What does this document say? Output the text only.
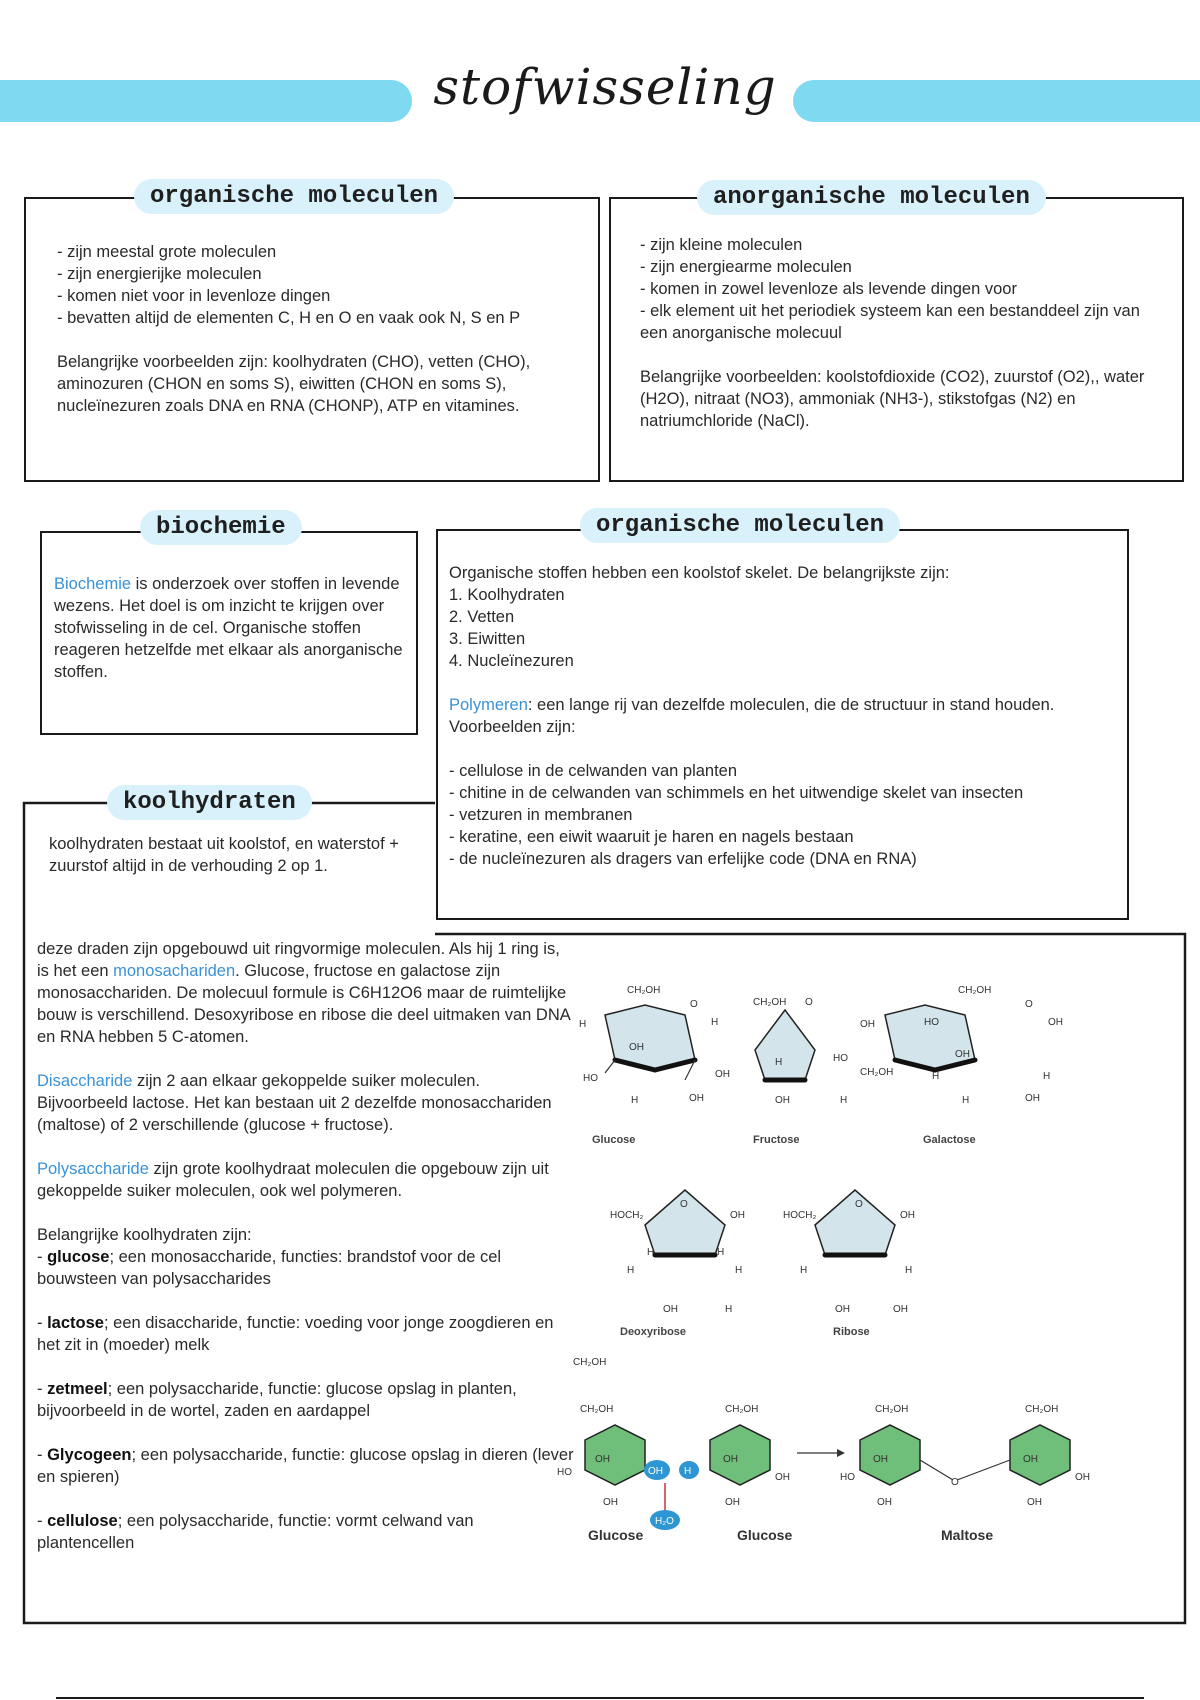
stofwisseling
organische moleculen

- zijn meestal grote moleculen

- zijn energierijke moleculen

- komen niet voor in levenloze dingen

- bevatten altijd de elementen C, H en O en vaak ook N, S en P

Belangrijke voorbeelden zijn: koolhydraten (CHO), vetten (CHO), aminozuren (CHON en soms S), eiwitten (CHON en soms S), nucleïnezuren zoals DNA en RNA (CHONP), ATP en vitamines.

anorganische moleculen

- zijn kleine moleculen

- zijn energiearme moleculen

- komen in zowel levenloze als levende dingen voor

- elk element uit het periodiek systeem kan een bestanddeel zijn van een anorganische molecuul

Belangrijke voorbeelden: koolstofdioxide (CO2), zuurstof (O2),, water (H2O), nitraat (NO3), ammoniak (NH3-), stikstofgas (N2) en natriumchloride (NaCl).

biochemie

Biochemie is onderzoek over stoffen in levende wezens. Het doel is om inzicht te krijgen over stofwisseling in de cel. Organische stoffen reageren hetzelfde met elkaar als anorganische stoffen.

organische moleculen

Organische stoffen hebben een koolstof skelet. De belangrijkste zijn:

1. Koolhydraten

2. Vetten

3. Eiwitten

4. Nucleïnezuren

Polymeren: een lange rij van dezelfde moleculen, die de structuur in stand houden. Voorbeelden zijn:

- cellulose in de celwanden van planten

- chitine in de celwanden van schimmels en het uitwendige skelet van insecten

- vetzuren in membranen

- keratine, een eiwit waaruit je haren en nagels bestaan

- de nucleïnezuren als dragers van erfelijke code (DNA en RNA)

koolhydraten
koolhydraten bestaat uit koolstof, en waterstof + zuurstof altijd in de verhouding 2 op 1.

deze draden zijn opgebouwd uit ringvormige moleculen. Als hij 1 ring is, is het een monosachariden. Glucose, fructose en galactose zijn monosacchariden. De molecuul formule is C6H12O6 maar de ruimtelijke bouw is verschillend. Desoxyribose en ribose die deel uitmaken van DNA en RNA hebben 5 C-atomen.

Disaccharide zijn 2 aan elkaar gekoppelde suiker moleculen. Bijvoorbeeld lactose. Het kan bestaan uit 2 dezelfde monosacchariden (maltose) of 2 verschillende (glucose + fructose).

Polysaccharide zijn grote koolhydraat moleculen die opgebouw zijn uit gekoppelde suiker moleculen, ook wel polymeren.

Belangrijke koolhydraten zijn:

- glucose; een monosaccharide, functies: brandstof voor de cel bouwsteen van polysaccharides

- lactose; een disaccharide, functie: voeding voor jonge zoogdieren en het zit in (moeder) melk

- zetmeel; een polysaccharide, functie: glucose opslag in planten, bijvoorbeeld in de wortel, zaden en aardappel

- Glycogeen; een polysaccharide, functie: glucose opslag in dieren (lever en spieren)

- cellulose; een polysaccharide, functie: vormt celwand van plantencellen

CH₂OH
O
H	H
OH
HO	OH
H	OH
Glucose
CH₂OH O
OH
HO
CH₂OH
H
OH	H
Fructose
CH₂OH
O
HO	OH
OH
H	H
H	OH
Galactose
HOCH₂
O
OH
H	H
H	H
OH	H
Deoxyribose
HOCH₂
O
OH
H	H
OH	OH
Ribose
CH₂OH
CH₂OH
OH
HO
OH
OH H
H₂O
Glucose
CH₂OH
OH
OH
OH
Glucose
O
CH₂OH	CH₂OH
HO
OH	OH
OH
OH	OH
Maltose
